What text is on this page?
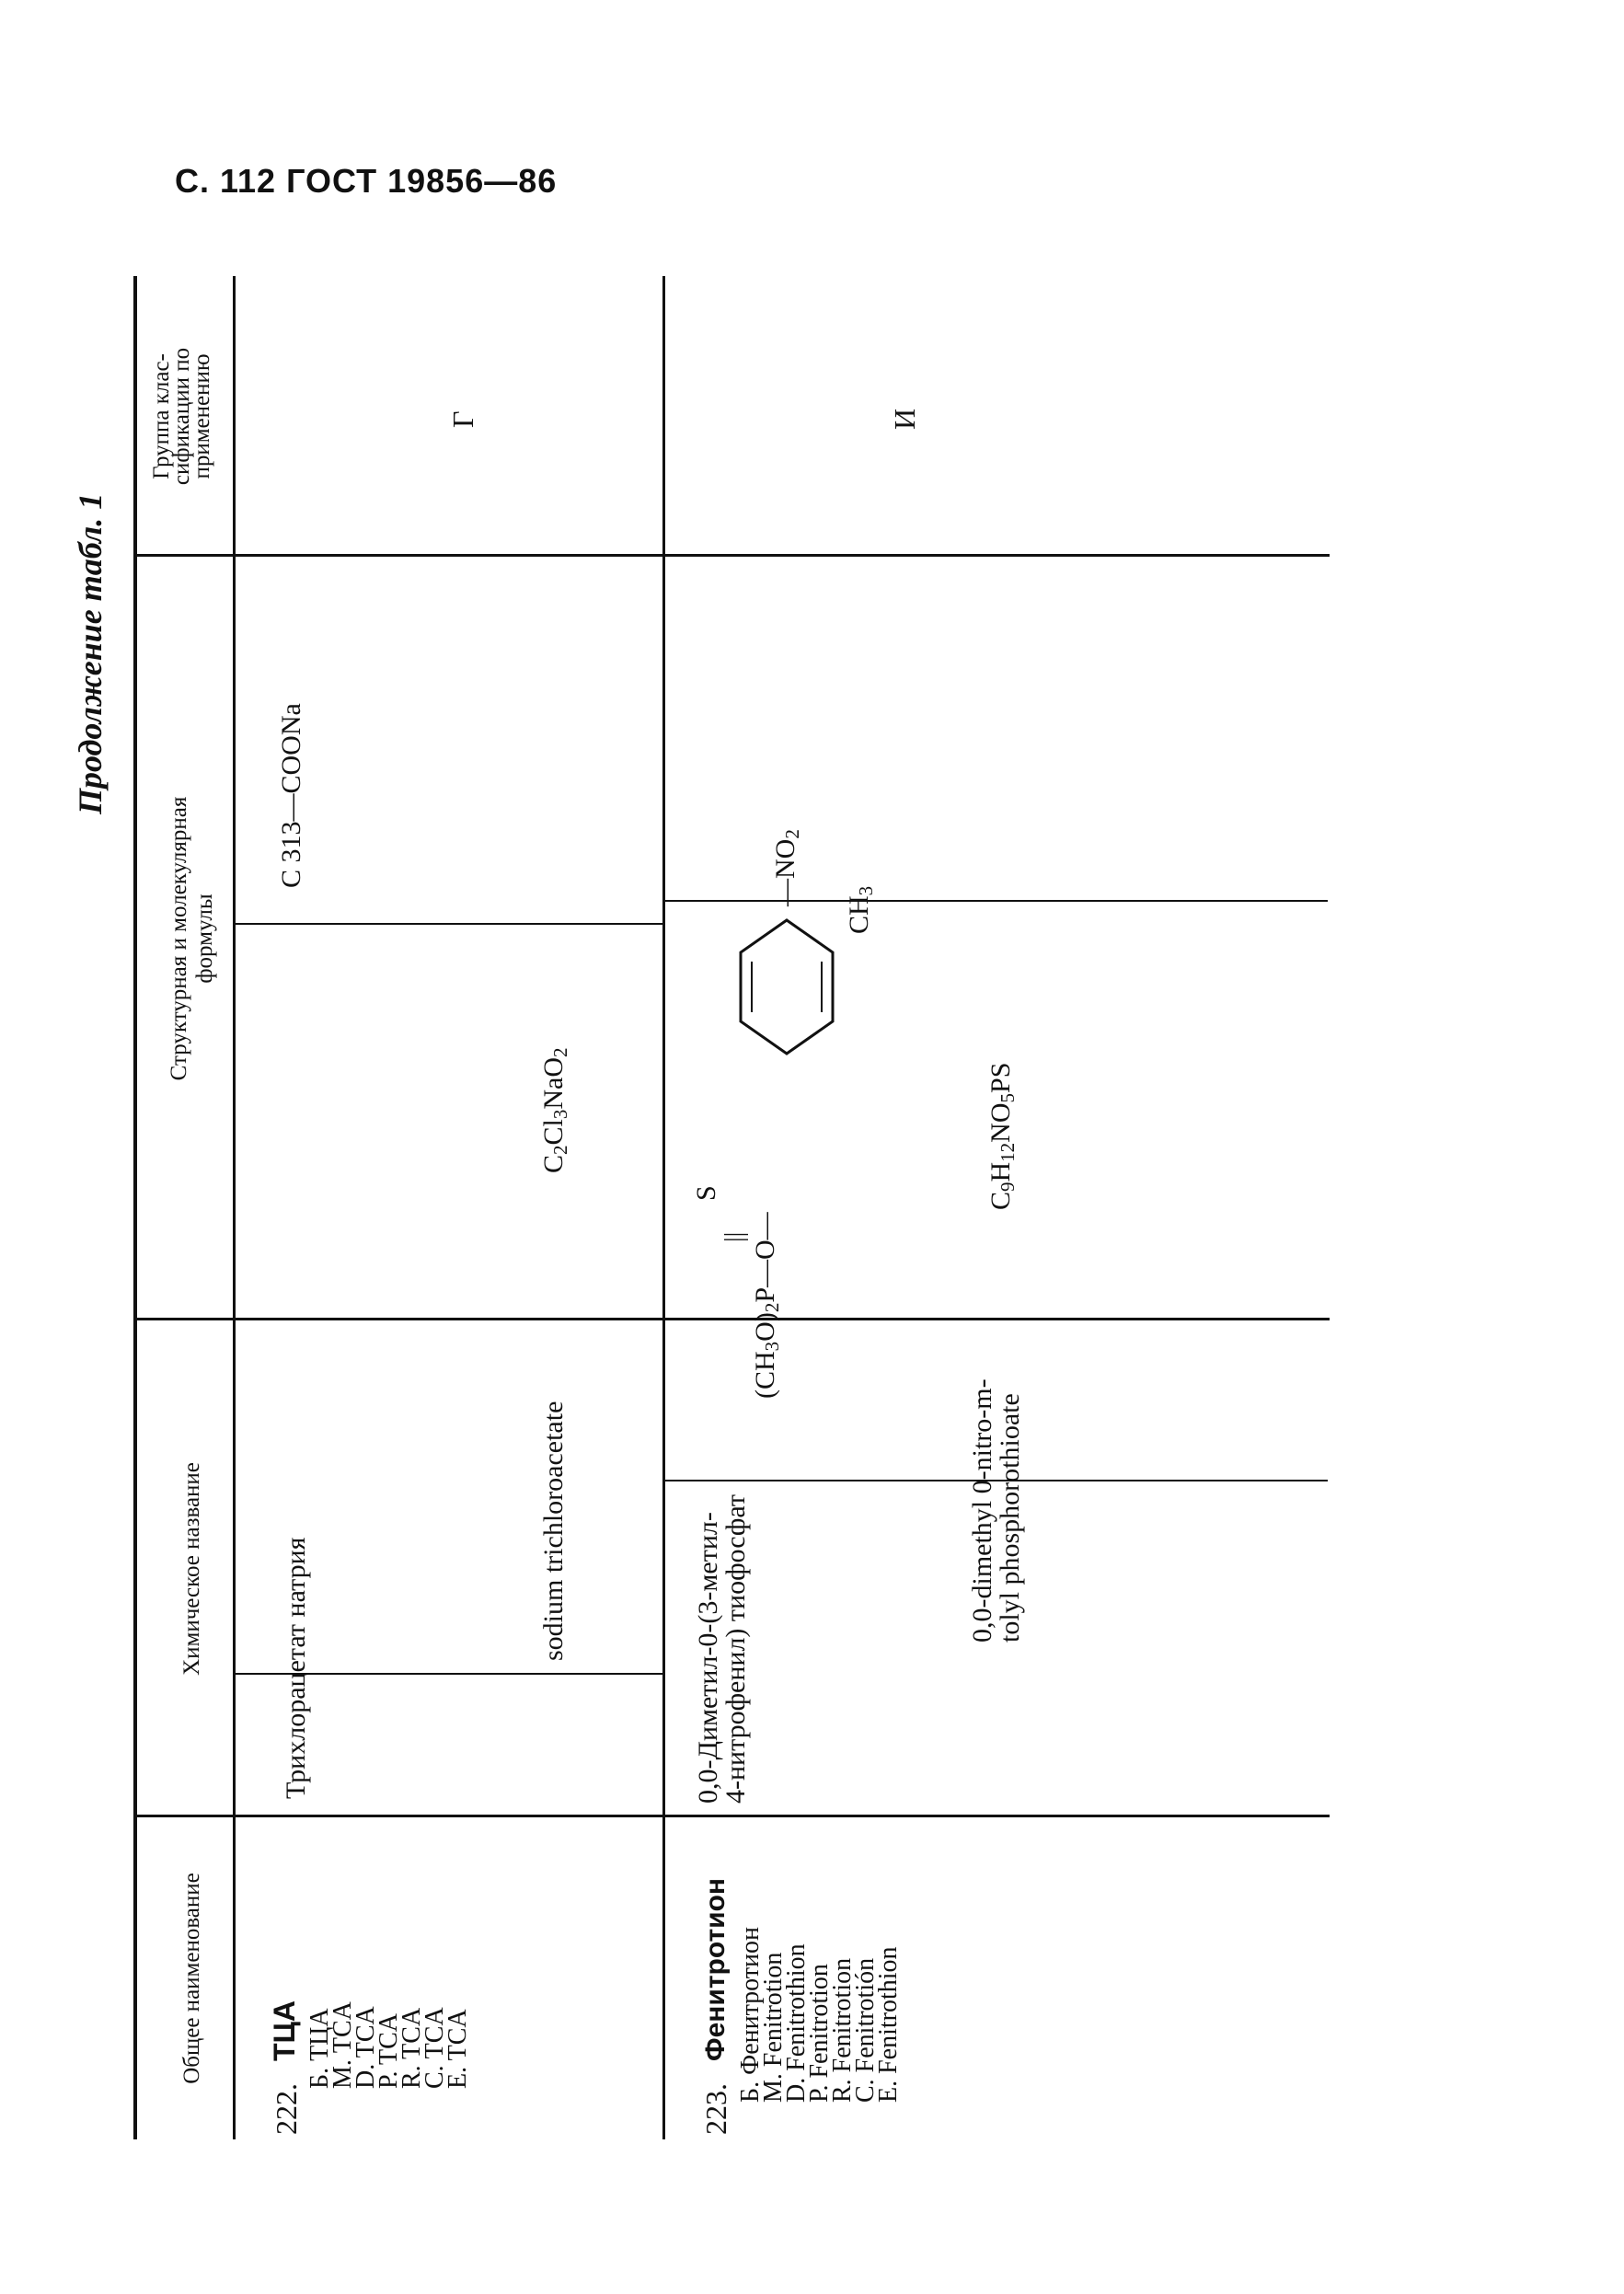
С. 112 ГОСТ 19856—86
Продолжение табл. 1
Общее наименование
Химическое название
Структурная и молекулярная формулы
Группа клас-
сификации по
применению
222.
ТЦА Б. ТЦА
М. TCA
D. TCA
P. TCA
R. TCA
С. TCA
E. TCA
Трихлорацетат натрия
sodium trichloroacetate
C 313—COONa
$C_2Cl_3NaO_2$
Г
223.
Фенитротион Б. Фенитротион
М. Fenitrotion
D. Fenitrothion
P. Fenitrotion
R. Fenitrotion
C. Fenitrotión
E. Fenitrothion
0,0-Диметил-0-(3-метил-
4-нитрофенил) тиофосфат	0,0-dimethyl 0-nitro-m-
tolyl phosphorothioate
S
||
$(CH_3O)_2P—O—$
$—NO_2$
$CH_3$
$C_9H_{12}NO_5PS$
И
